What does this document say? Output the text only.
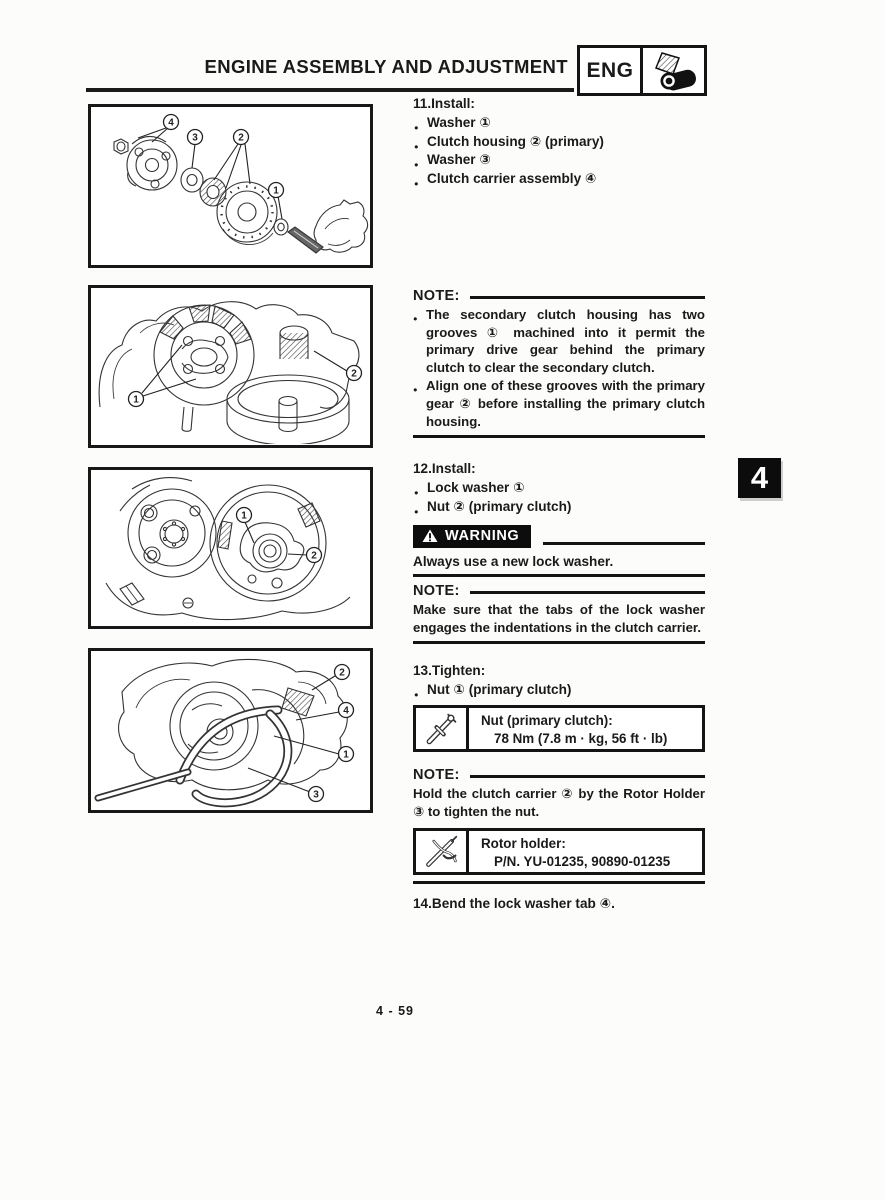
ENGINE ASSEMBLY AND ADJUSTMENT ENG
4
4
3	2
1
1
2
1
2
2
4
1
3
11.Install:
● Washer ①
● Clutch housing ② (primary)
● Washer ③
● Clutch carrier assembly ④
NOTE:
● The secondary clutch housing has two grooves ① machined into it permit the primary drive gear behind the primary clutch to clear the secondary clutch.
● Align one of these grooves with the primary gear ② before installing the primary clutch housing.
12.Install:
● Lock washer ①
● Nut ② (primary clutch)
WARNING
Always use a new lock washer.
NOTE:
Make sure that the tabs of the lock washer engages the indentations in the clutch carrier.
13.Tighten:
● Nut ① (primary clutch)
Nut (primary clutch):
78 Nm (7.8 m · kg, 56 ft · lb)
NOTE:
Hold the clutch carrier ② by the Rotor Holder ③ to tighten the nut.
Rotor holder:
P/N. YU-01235, 90890-01235
14.Bend the lock washer tab ④.
4 - 59
